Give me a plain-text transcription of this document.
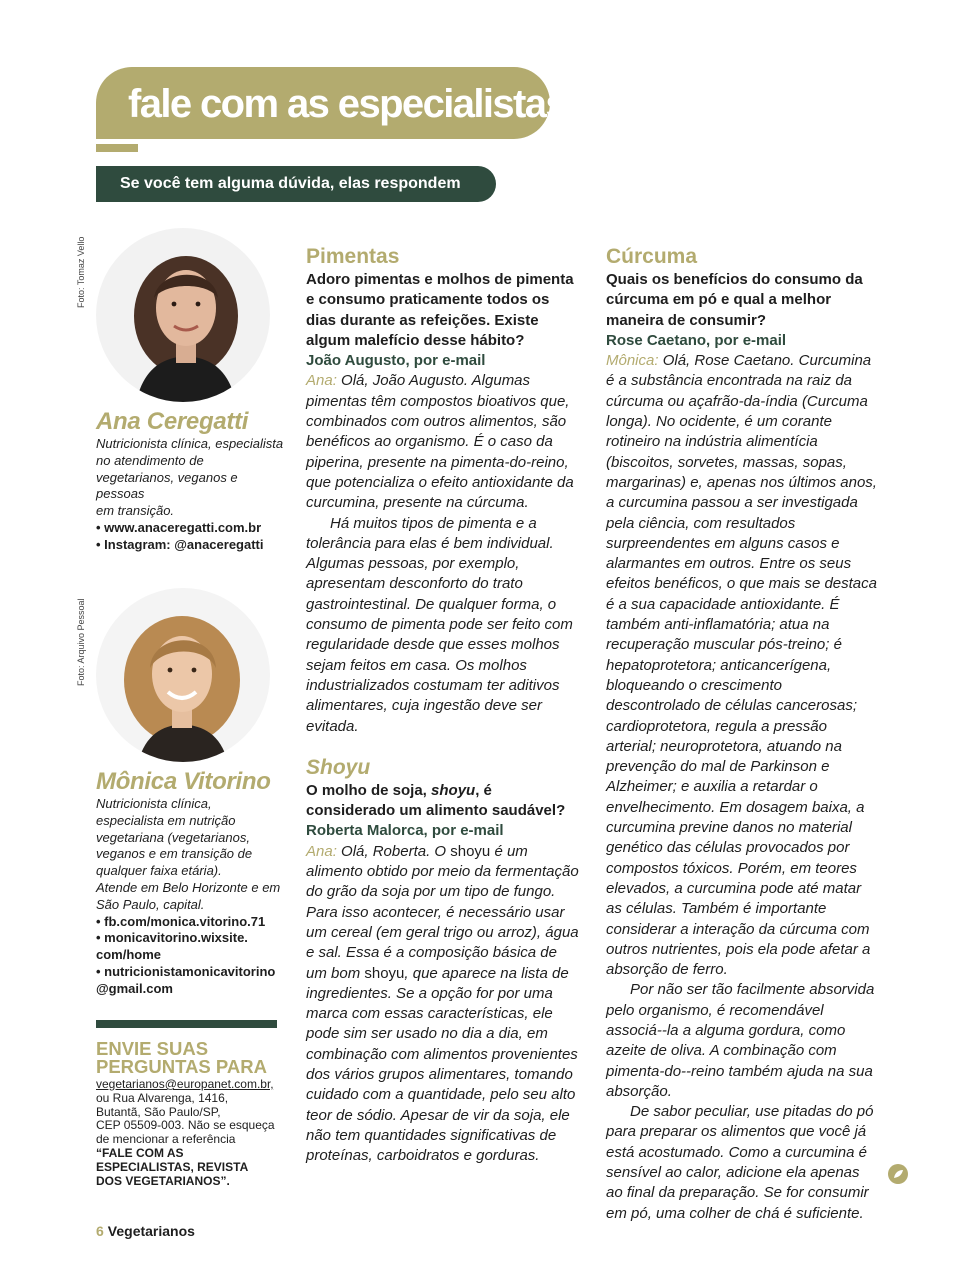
fale com as especialistas
Se você tem alguma dúvida, elas respondem
Foto: Tomaz Vello
Ana Ceregatti
Nutricionista clínica, especialista
no atendimento de
vegetarianos, veganos e pessoas
em transição.
• www.anaceregatti.com.br
• Instagram: @anaceregatti
Foto: Arquivo Pessoal
Mônica Vitorino
Nutricionista clínica,
especialista em nutrição
vegetariana (vegetarianos,
veganos e em transição de
qualquer faixa etária).
Atende em Belo Horizonte e em
São Paulo, capital.
• fb.com/monica.vitorino.71
• monicavitorino.wixsite.
com/home
• nutricionistamonicavitorino
@gmail.com
ENVIE SUAS
PERGUNTAS PARA
vegetarianos@europanet.com.br,
ou Rua Alvarenga, 1416,
Butantã, São Paulo/SP,
CEP 05509-003. Não se esqueça
de mencionar a referência
“FALE COM AS
ESPECIALISTAS, REVISTA
DOS VEGETARIANOS”.
Pimentas
Adoro pimentas e molhos de pimenta e consumo praticamente todos os dias durante as refeições. Existe algum malefício desse hábito?
João Augusto, por e-mail

Ana: Olá, João Augusto. Algumas pimentas têm compostos bioativos que, combinados com outros alimentos, são benéficos ao organismo. É o caso da piperina, presente na pimenta-do-reino, que potencializa o efeito antioxidante da curcumina, presente na cúrcuma.

Há muitos tipos de pimenta e a tolerância para elas é bem individual. Algumas pessoas, por exemplo, apresentam desconforto do trato gastrointestinal. De qualquer forma, o consumo de pimenta pode ser feito com regularidade desde que esses molhos sejam feitos em casa. Os molhos industrializados costumam ter aditivos alimentares, cuja ingestão deve ser evitada.

Shoyu
O molho de soja, shoyu, é considerado um alimento saudável?
Roberta Malorca, por e-mail

Ana: Olá, Roberta. O shoyu é um alimento obtido por meio da fermentação do grão da soja por um tipo de fungo. Para isso acontecer, é necessário usar um cereal (em geral trigo ou arroz), água e sal. Essa é a composição básica de um bom shoyu, que aparece na lista de ingredientes. Se a opção for por uma marca com essas características, ele pode sim ser usado no dia a dia, em combinação com alimentos provenientes dos vários grupos alimentares, tomando cuidado com a quantidade, pelo seu alto teor de sódio. Apesar de vir da soja, ele não tem quantidades significativas de proteínas, carboidratos e gorduras.

Cúrcuma
Quais os benefícios do consumo da cúrcuma em pó e qual a melhor maneira de consumir?
Rose Caetano, por e-mail

Mônica: Olá, Rose Caetano. Curcumina é a substância encontrada na raiz da cúrcuma ou açafrão-da-índia (Curcuma longa). No ocidente, é um corante rotineiro na indústria alimentícia (biscoitos, sorvetes, massas, sopas, margarinas) e, apenas nos últimos anos, a curcumina passou a ser investigada pela ciência, com resultados surpreendentes em alguns casos e alarmantes em outros. Entre os seus efeitos benéficos, o que mais se destaca é a sua capacidade antioxidante. É também anti-inflamatória; atua na recuperação muscular pós-treino; é hepatoprotetora; anticancerígena, bloqueando o crescimento descontrolado de células cancerosas; cardioprotetora, regula a pressão arterial; neuroprotetora, atuando na prevenção do mal de Parkinson e Alzheimer; e auxilia a retardar o envelhecimento. Em dosagem baixa, a curcumina previne danos no material genético das células provocados por compostos tóxicos. Porém, em teores elevados, a curcumina pode até matar as células. Também é importante considerar a interação da cúrcuma com outros nutrientes, pois ela pode afetar a absorção de ferro.

Por não ser tão facilmente absorvida pelo organismo, é recomendável associá--la a alguma gordura, como azeite de oliva. A combinação com pimenta-do--reino também ajuda na sua absorção.

De sabor peculiar, use pitadas do pó para preparar os alimentos que você já está acostumado. Como a curcumina é sensível ao calor, adicione ela apenas ao final da preparação. Se for consumir em pó, uma colher de chá é suficiente.

6 Vegetarianos
